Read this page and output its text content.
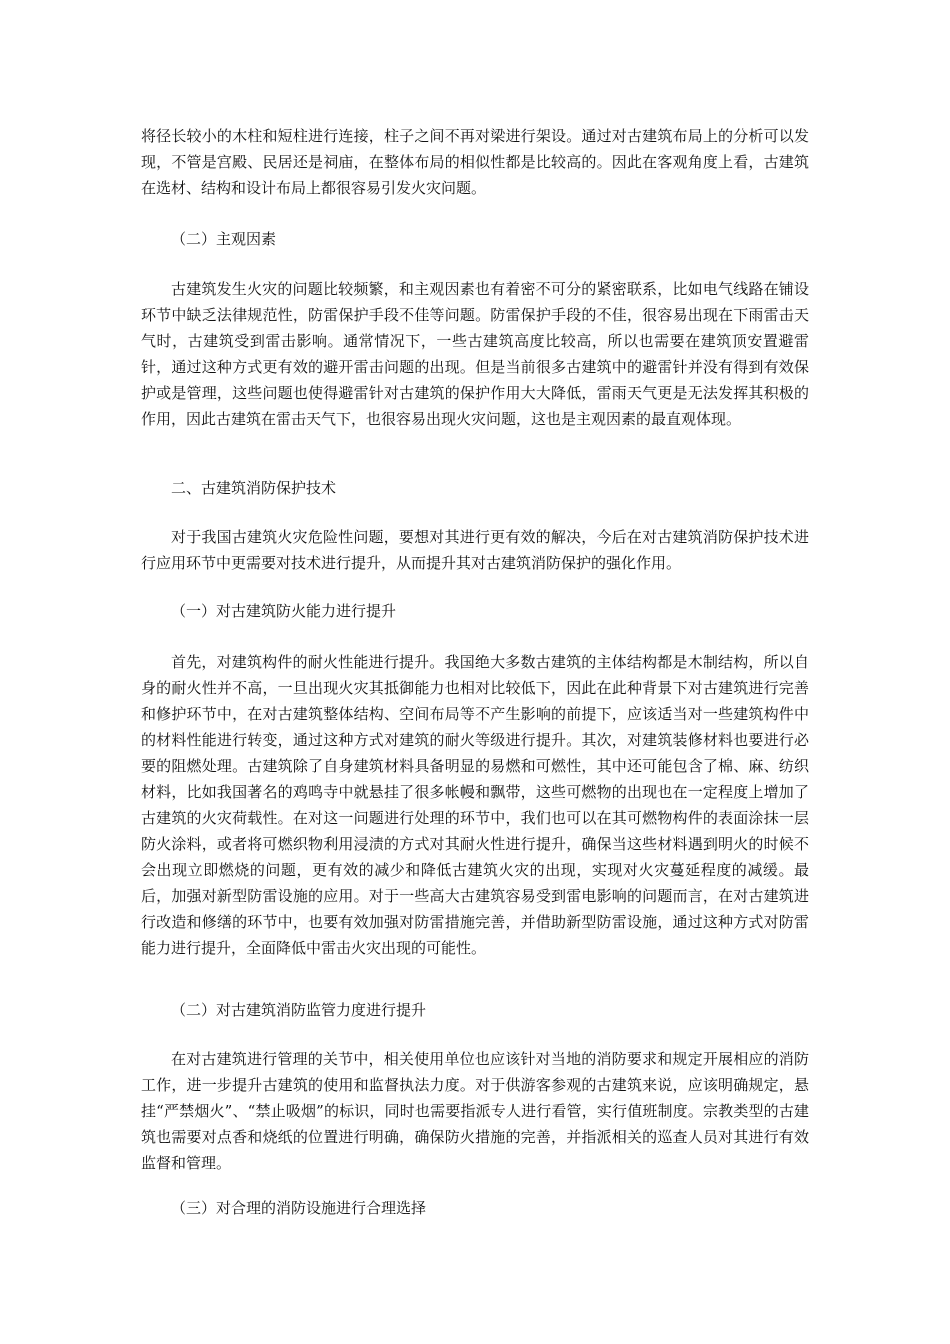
将径长较小的木柱和短柱进行连接，柱子之间不再对梁进行架设。通过对古建筑布局上的分析可以发现，不管是宫殿、民居还是祠庙，在整体布局的相似性都是比较高的。因此在客观角度上看，古建筑在选材、结构和设计布局上都很容易引发火灾问题。

（二）主观因素

古建筑发生火灾的问题比较频繁，和主观因素也有着密不可分的紧密联系，比如电气线路在铺设环节中缺乏法律规范性，防雷保护手段不佳等问题。防雷保护手段的不佳，很容易出现在下雨雷击天气时，古建筑受到雷击影响。通常情况下，一些古建筑高度比较高，所以也需要在建筑顶安置避雷针，通过这种方式更有效的避开雷击问题的出现。但是当前很多古建筑中的避雷针并没有得到有效保护或是管理，这些问题也使得避雷针对古建筑的保护作用大大降低，雷雨天气更是无法发挥其积极的作用，因此古建筑在雷击天气下，也很容易出现火灾问题，这也是主观因素的最直观体现。

二、古建筑消防保护技术

对于我国古建筑火灾危险性问题，要想对其进行更有效的解决，今后在对古建筑消防保护技术进行应用环节中更需要对技术进行提升，从而提升其对古建筑消防保护的强化作用。

（一）对古建筑防火能力进行提升

首先，对建筑构件的耐火性能进行提升。我国绝大多数古建筑的主体结构都是木制结构，所以自身的耐火性并不高，一旦出现火灾其抵御能力也相对比较低下，因此在此种背景下对古建筑进行完善和修护环节中，在对古建筑整体结构、空间布局等不产生影响的前提下，应该适当对一些建筑构件中的材料性能进行转变，通过这种方式对建筑的耐火等级进行提升。其次，对建筑装修材料也要进行必要的阻燃处理。古建筑除了自身建筑材料具备明显的易燃和可燃性，其中还可能包含了棉、麻、纺织材料，比如我国著名的鸡鸣寺中就悬挂了很多帐幔和飘带，这些可燃物的出现也在一定程度上增加了古建筑的火灾荷载性。在对这一问题进行处理的环节中，我们也可以在其可燃物构件的表面涂抹一层防火涂料，或者将可燃织物利用浸渍的方式对其耐火性进行提升，确保当这些材料遇到明火的时候不会出现立即燃烧的问题，更有效的减少和降低古建筑火灾的出现，实现对火灾蔓延程度的减缓。最后，加强对新型防雷设施的应用。对于一些高大古建筑容易受到雷电影响的问题而言，在对古建筑进行改造和修缮的环节中，也要有效加强对防雷措施完善，并借助新型防雷设施，通过这种方式对防雷能力进行提升，全面降低中雷击火灾出现的可能性。

（二）对古建筑消防监管力度进行提升

在对古建筑进行管理的关节中，相关使用单位也应该针对当地的消防要求和规定开展相应的消防工作，进一步提升古建筑的使用和监督执法力度。对于供游客参观的古建筑来说，应该明确规定，悬挂“严禁烟火”、“禁止吸烟”的标识，同时也需要指派专人进行看管，实行值班制度。宗教类型的古建筑也需要对点香和烧纸的位置进行明确，确保防火措施的完善，并指派相关的巡查人员对其进行有效监督和管理。

（三）对合理的消防设施进行合理选择
